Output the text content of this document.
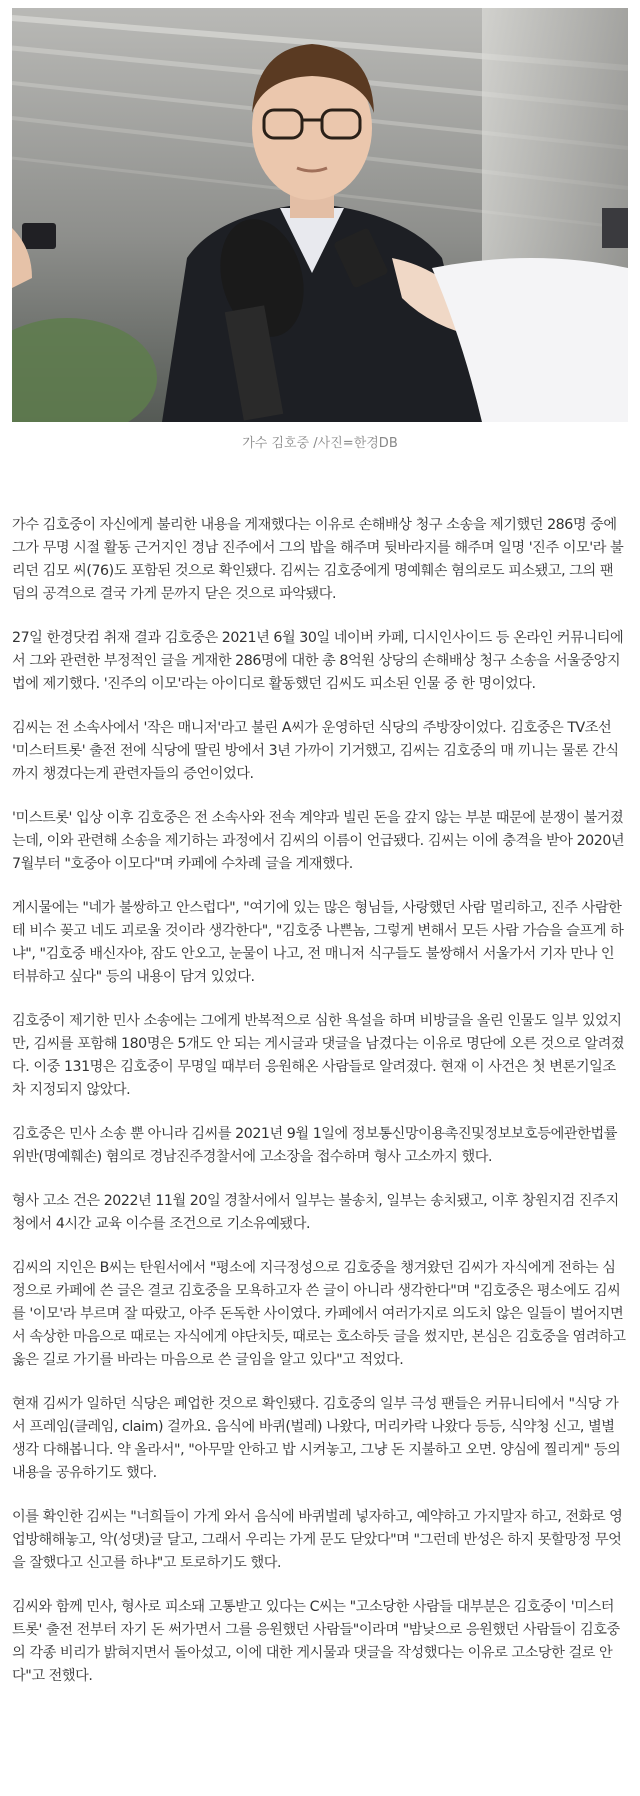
가수 김호중 /사진=한경DB

가수 김호중이 자신에게 불리한 내용을 게재했다는 이유로 손해배상 청구 소송을 제기했던 286명 중에 그가 무명 시절 활동 근거지인 경남 진주에서 그의 밥을 해주며 뒷바라지를 해주며 일명 '진주 이모'라 불리던 김모 씨(76)도 포함된 것으로 확인됐다. 김씨는 김호중에게 명예훼손 혐의로도 피소됐고, 그의 팬덤의 공격으로 결국 가게 문까지 닫은 것으로 파악됐다.

27일 한경닷컴 취재 결과 김호중은 2021년 6월 30일 네이버 카페, 디시인사이드 등 온라인 커뮤니티에서 그와 관련한 부정적인 글을 게재한 286명에 대한 총 8억원 상당의 손해배상 청구 소송을 서울중앙지법에 제기했다. '진주의 이모'라는 아이디로 활동했던 김씨도 피소된 인물 중 한 명이었다.

김씨는 전 소속사에서 '작은 매니저'라고 불린 A씨가 운영하던 식당의 주방장이었다. 김호중은 TV조선 '미스터트롯' 출전 전에 식당에 딸린 방에서 3년 가까이 기거했고, 김씨는 김호중의 매 끼니는 물론 간식까지 챙겼다는게 관련자들의 증언이었다.

'미스트롯' 입상 이후 김호중은 전 소속사와 전속 계약과 빌린 돈을 갚지 않는 부분 때문에 분쟁이 불거졌는데, 이와 관련해 소송을 제기하는 과정에서 김씨의 이름이 언급됐다. 김씨는 이에 충격을 받아 2020년 7월부터 "호중아 이모다"며 카페에 수차례 글을 게재했다.

게시물에는 "네가 불쌍하고 안스럽다", "여기에 있는 많은 형님들, 사랑했던 사람 멀리하고, 진주 사람한테 비수 꽂고 네도 괴로울 것이라 생각한다", "김호중 나쁜놈, 그렇게 변해서 모든 사람 가슴을 슬프게 하냐", "김호중 배신자야, 잠도 안오고, 눈물이 나고, 전 매니저 식구들도 불쌍해서 서울가서 기자 만나 인터뷰하고 싶다" 등의 내용이 담겨 있었다.

김호중이 제기한 민사 소송에는 그에게 반복적으로 심한 욕설을 하며 비방글을 올린 인물도 일부 있었지만, 김씨를 포함해 180명은 5개도 안 되는 게시글과 댓글을 남겼다는 이유로 명단에 오른 것으로 알려졌다. 이중 131명은 김호중이 무명일 때부터 응원해온 사람들로 알려졌다. 현재 이 사건은 첫 변론기일조차 지정되지 않았다.

김호중은 민사 소송 뿐 아니라 김씨를 2021년 9월 1일에 정보통신망이용촉진및정보보호등에관한법률위반(명예훼손) 혐의로 경남진주경찰서에 고소장을 접수하며 형사 고소까지 했다.

형사 고소 건은 2022년 11월 20일 경찰서에서 일부는 불송치, 일부는 송치됐고, 이후 창원지검 진주지청에서 4시간 교육 이수를 조건으로 기소유예됐다.

김씨의 지인은 B씨는 탄원서에서 "평소에 지극정성으로 김호중을 챙겨왔던 김씨가 자식에게 전하는 심정으로 카페에 쓴 글은 결코 김호중을 모욕하고자 쓴 글이 아니라 생각한다"며 "김호중은 평소에도 김씨를 '이모'라 부르며 잘 따랐고, 아주 돈독한 사이였다. 카페에서 여러가지로 의도치 않은 일들이 벌어지면서 속상한 마음으로 때로는 자식에게 야단치듯, 때로는 호소하듯 글을 썼지만, 본심은 김호중을 염려하고 옳은 길로 가기를 바라는 마음으로 쓴 글임을 알고 있다"고 적었다.

현재 김씨가 일하던 식당은 폐업한 것으로 확인됐다. 김호중의 일부 극성 팬들은 커뮤니티에서 "식당 가서 프레임(클레임, claim) 걸까요. 음식에 바퀴(벌레) 나왔다, 머리카락 나왔다 등등, 식약청 신고, 별별 생각 다해봅니다. 약 올라서", "아무말 안하고 밥 시켜놓고, 그냥 돈 지불하고 오면. 양심에 찔리게" 등의 내용을 공유하기도 했다.

이를 확인한 김씨는 "너희들이 가게 와서 음식에 바퀴벌레 넣자하고, 예약하고 가지말자 하고, 전화로 영업방해해놓고, 악(성댓)글 달고, 그래서 우리는 가게 문도 닫았다"며 "그런데 반성은 하지 못할망정 무엇을 잘했다고 신고를 하냐"고 토로하기도 했다.

김씨와 함께 민사, 형사로 피소돼 고통받고 있다는 C씨는 "고소당한 사람들 대부분은 김호중이 '미스터트롯' 출전 전부터 자기 돈 써가면서 그를 응원했던 사람들"이라며 "밤낮으로 응원했던 사람들이 김호중의 각종 비리가 밝혀지면서 돌아섰고, 이에 대한 게시물과 댓글을 작성했다는 이유로 고소당한 걸로 안다"고 전했다.
